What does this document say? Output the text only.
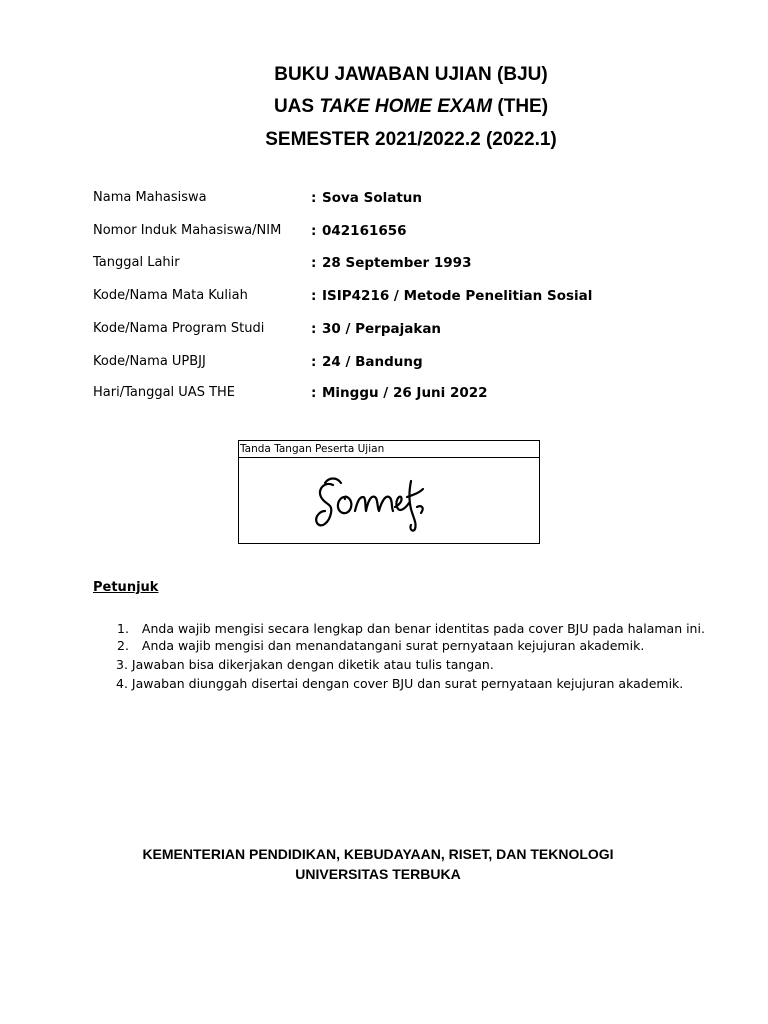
BUKU JAWABAN UJIAN (BJU)
UAS TAKE HOME EXAM (THE)
SEMESTER 2021/2022.2 (2022.1)
Nama Mahasiswa	: Sova Solatun
Nomor Induk Mahasiswa/NIM : 042161656
Tanggal Lahir	: 28 September 1993
Kode/Nama Mata Kuliah	: ISIP4216 / Metode Penelitian Sosial
Kode/Nama Program Studi	: 30 / Perpajakan
Kode/Nama UPBJJ	: 24 / Bandung
Hari/Tanggal UAS THE	: Minggu / 26 Juni 2022
Tanda Tangan Peserta Ujian
Petunjuk
1. Anda wajib mengisi secara lengkap dan benar identitas pada cover BJU pada halaman ini.
2. Anda wajib mengisi dan menandatangani surat pernyataan kejujuran akademik.
3. Jawaban bisa dikerjakan dengan diketik atau tulis tangan.
4. Jawaban diunggah disertai dengan cover BJU dan surat pernyataan kejujuran akademik.
KEMENTERIAN PENDIDIKAN, KEBUDAYAAN, RISET, DAN TEKNOLOGI
UNIVERSITAS TERBUKA
